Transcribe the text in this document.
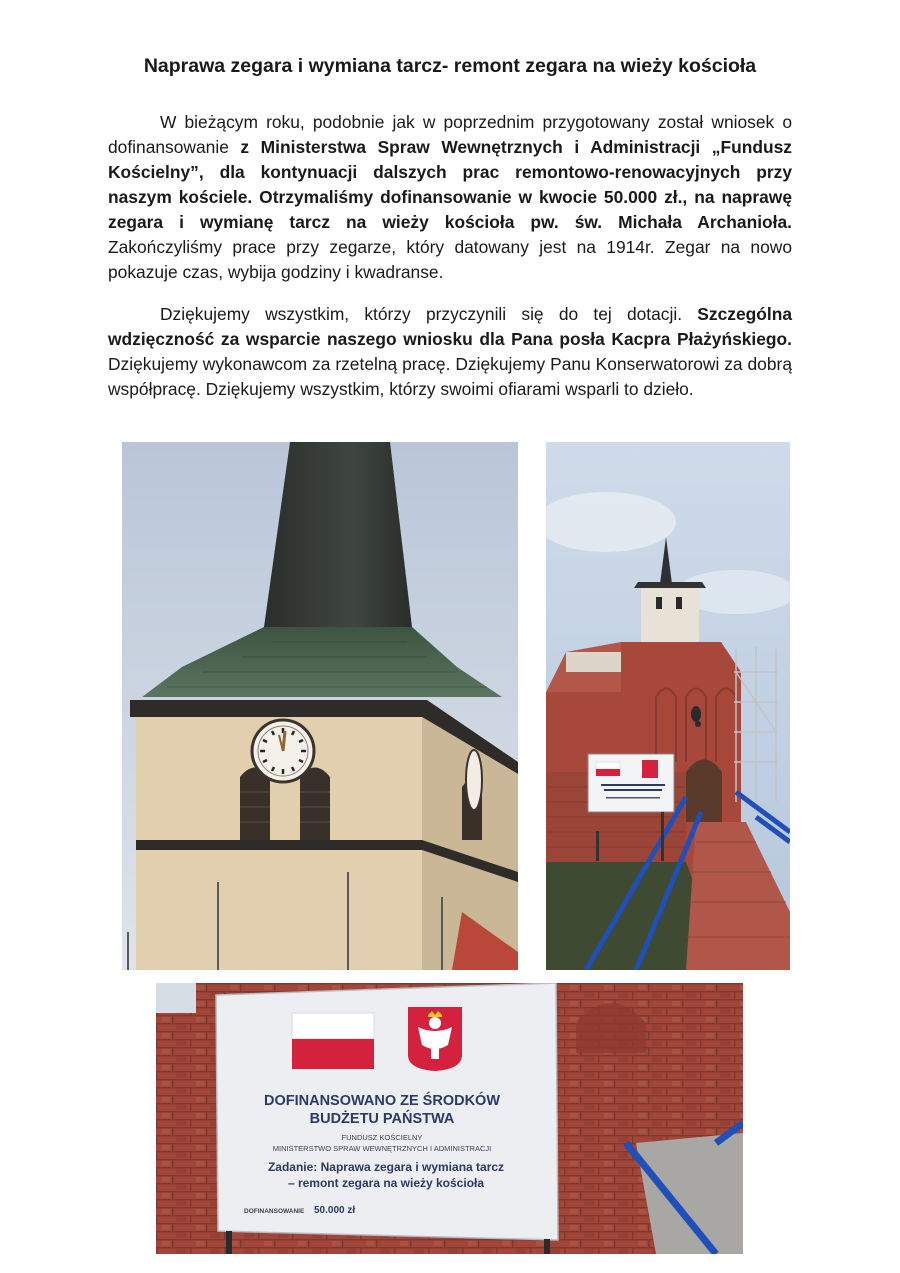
Naprawa zegara i wymiana tarcz- remont zegara na wieży kościoła

W bieżącym roku, podobnie jak w poprzednim przygotowany został wniosek o dofinansowanie z Ministerstwa Spraw Wewnętrznych i Administracji „Fundusz Kościelny”, dla kontynuacji dalszych prac remontowo-renowacyjnych przy naszym kościele. Otrzymaliśmy dofinansowanie w kwocie 50.000 zł., na naprawę zegara i wymianę tarcz na wieży kościoła pw. św. Michała Archanioła. Zakończyliśmy prace przy zegarze, który datowany jest na 1914r. Zegar na nowo pokazuje czas, wybija godziny i kwadranse.

Dziękujemy wszystkim, którzy przyczynili się do tej dotacji. Szczególna wdzięczność za wsparcie naszego wniosku dla Pana posła Kacpra Płażyńskiego. Dziękujemy wykonawcom za rzetelną pracę. Dziękujemy Panu Konserwatorowi za dobrą współpracę. Dziękujemy wszystkim, którzy swoimi ofiarami wsparli to dzieło.

DOFINANSOWANO ZE ŚRODKÓW
BUDŻETU PAŃSTWA
FUNDUSZ KOŚCIELNY
MINISTERSTWO SPRAW WEWNĘTRZNYCH I ADMINISTRACJI
Zadanie: Naprawa zegara i wymiana tarcz
– remont zegara na wieży kościoła
DOFINANSOWANIE 50.000 zł
